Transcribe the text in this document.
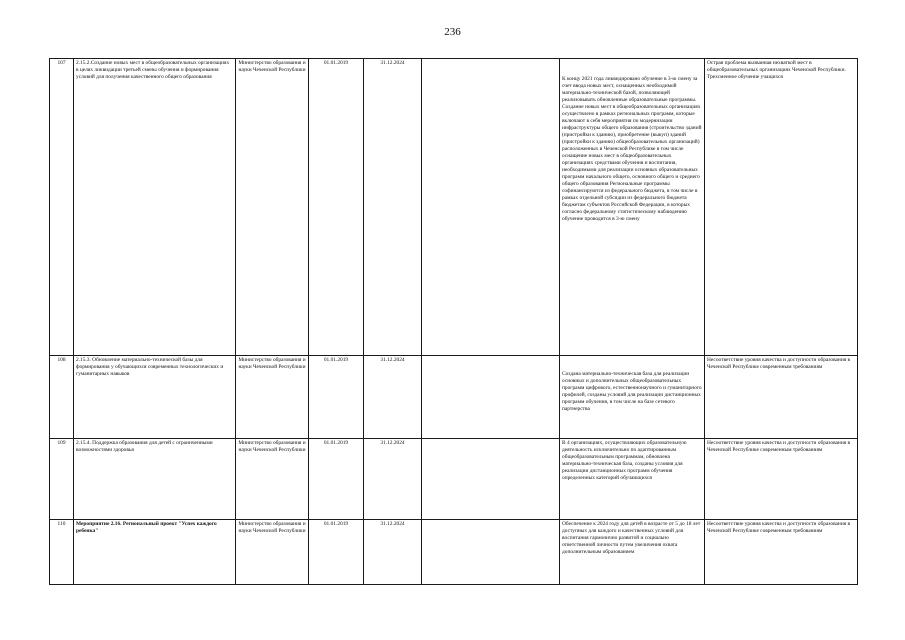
236
107	2.15.2.Создание новых мест в общеобразовательных организациях в целях ликвидации третьей смены обучения и формирования условий для получения качественного общего образования	Министерство образования и науки Чеченской Республики	01.01.2019	31.12.2024		К концу 2021 года ликвидировано обучение в 3-ю смену за счет ввода новых мест, оснащенных необходимой материально-технической базой, позволяющей реализовывать обновленные образовательные программы. Создание новых мест в общеобразовательных организациях осуществлено в рамках региональных программ, которые включают в себя мероприятия по модернизации инфраструктуры общего образования (строительство зданий (пристройки к зданию), приобретение (выкуп) зданий (пристройки к зданию) общеобразовательных организаций) расположенных в Чеченской Республике в том числе оснащение новых мест в общеобразовательных организациях средствами обучения и воспитания, необходимыми для реализации основных образовательных программ начального общего, основного общего и среднего общего образования Региональные программы софинансируются из федерального бюджета, в том числе в рамках отдельной субсидии из федерального бюджета бюджетам субъектов Российской Федерации, в которых согласно федеральному статистическому наблюдению обучение проводится в 3-ю смену	Острая проблема вызванная нехваткой мест в общеобразовательных организациях Чеченской Республики. Трехсменное обучение учащихся
108	2.15.3. Обновление материально-технической базы для формирования у обучающихся современных технологических и гуманитарных навыков	Министерство образования и науки Чеченской Республики	01.01.2019	31.12.2024		Создана материально-техническая база для реализации основных и дополнительных общеобразовательных программ цифрового, естественнонаучного и гуманитарного профилей, созданы условий для реализации дистанционных программ обучения, в том числе на базе сетевого партнерства	Несоответствие уровня качества и доступности образования в Чеченской Республике современным требованиям
109	2.15.4. Поддержка образования для детей с ограниченными возможностями здоровья	Министерство образования и науки Чеченской Республики	01.01.2019	31.12.2024		В 4 организациях, осуществляющих образовательную деятельность исключительно по адаптированным общеобразовательным программам, обновлена материально-техническая база, созданы условия для реализации дистанционных программ обучения определенных категорий обучающихся	Несоответствие уровня качества и доступности образования в Чеченской Республике современным требованиям
110	Мероприятие 2.16. Региональный проект "Успех каждого ребенка"	Министерство образования и науки Чеченской Республики	01.01.2019	31.12.2024		Обеспечение к 2024 году для детей в возрасте от 5 до 18 лет доступных для каждого и качественных условий для воспитания гармонично развитой и социально ответственной личности путем увеличения охвата дополнительным образованием	Несоответствие уровня качества и доступности образования в Чеченской Республике современным требованиям
